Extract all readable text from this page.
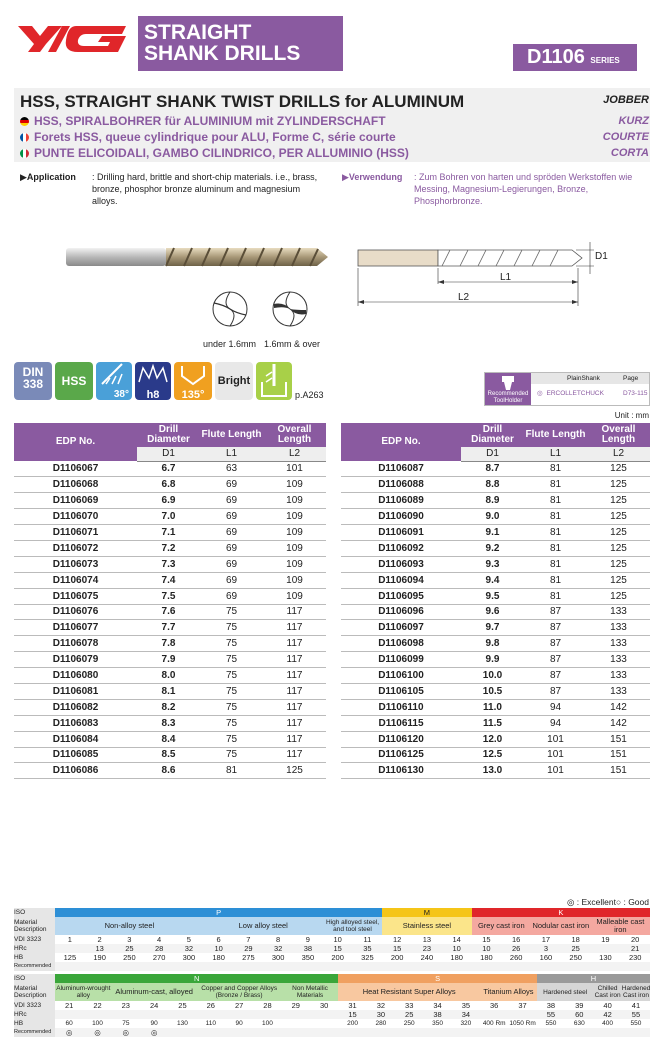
STRAIGHT
SHANK DRILLS	D1106 SERIES
HSS, STRAIGHT SHANK TWIST DRILLS for ALUMINUM	JOBBER
HSS, SPIRALBOHRER für ALUMINIUM mit ZYLINDERSCHAFT	KURZ
Forets HSS, queue cylindrique pour ALU, Forme C, série courte	COURTE
PUNTE ELICOIDALI, GAMBO CILINDRICO, PER ALLUMINIO (HSS)	CORTA
▶Application : Drilling hard, brittle and short-chip materials. i.e., brass, bronze, phosphor bronze aluminum and magnesium alloys.
▶Verwendung : Zum Bohren von harten und spröden Werkstoffen wie Messing, Magnesium-Legierungen, Bronze, Phosphorbronze.
D1
L1
L2
under 1.6mm 1.6mm & over
DIN
338	HSS
38°	h8	135°
Bright
p.A263	Recommended ToolHolder
PlainShank	Page
◎ ERCOLLETCHUCK	D73-115
Unit : mm
EDP No.	Drill Diameter	Flute Length	Overall Length
	D1	L1	L2
D1106067	6.7	63	101
D1106068	6.8	69	109
D1106069	6.9	69	109
D1106070	7.0	69	109
D1106071	7.1	69	109
D1106072	7.2	69	109
D1106073	7.3	69	109
D1106074	7.4	69	109
D1106075	7.5	69	109
D1106076	7.6	75	117
D1106077	7.7	75	117
D1106078	7.8	75	117
D1106079	7.9	75	117
D1106080	8.0	75	117
D1106081	8.1	75	117
D1106082	8.2	75	117
D1106083	8.3	75	117
D1106084	8.4	75	117
D1106085	8.5	75	117
D1106086	8.6	81	125
EDP No.	Drill Diameter	Flute Length	Overall Length
	D1	L1	L2
D1106087	8.7	81	125
D1106088	8.8	81	125
D1106089	8.9	81	125
D1106090	9.0	81	125
D1106091	9.1	81	125
D1106092	9.2	81	125
D1106093	9.3	81	125
D1106094	9.4	81	125
D1106095	9.5	81	125
D1106096	9.6	87	133
D1106097	9.7	87	133
D1106098	9.8	87	133
D1106099	9.9	87	133
D1106100	10.0	87	133
D1106105	10.5	87	133
D1106110	11.0	94	142
D1106115	11.5	94	142
D1106120	12.0	101	151
D1106125	12.5	101	151
D1106130	13.0	101	151
◎ : Excellent○ : Good
ISO	P											M			K					
Material Description	Non-alloy steel					Low alloy steel				High alloyed steel, and tool steel		Stainless steel			Grey cast iron		Nodular cast iron		Malleable cast iron	
VDI 3323	1	2	3	4	5	6	7	8	9	10	11	12	13	14	15	16	17	18	19	20
HRc		13	25	28	32	10	29	32	38	15	35	15	23	10	10	26	3	25		21
HB	125	190	250	270	300	180	275	300	350	200	325	200	240	180	180	260	160	250	130	230
Recommended																				
ISO	N										S							H			
Material Description	Aluminum-wrought alloy		Aluminum-cast, alloyed			Copper and Copper Alloys (Bronze / Brass)			Non Metallic Materials		Heat Resistant Super Alloys					Titanium Alloys		Hardened steel		Chilled Cast iron	Hardened Cast iron
VDI 3323	21	22	23	24	25	26	27	28	29	30	31	32	33	34	35	36	37	38	39	40	41
HRc											15	30	25	38	34			55	60	42	55
HB	60	100	75	90	130	110	90	100			200	280	250	350	320	400 Rm	1050 Rm	550	630	400	550
Recommended	◎	◎	◎	◎																	
